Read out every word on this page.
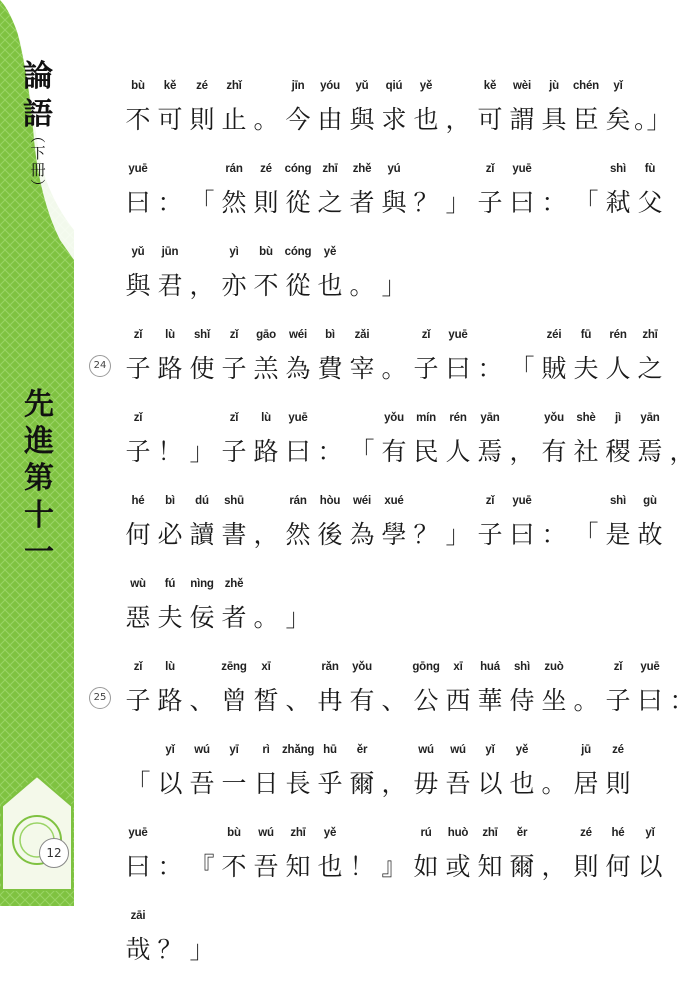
論
語
︵
下
冊
︶
先
進
第
十
一
12
bù	kě	zé	zhǐ	jīn	yóu	yǔ	qiú	yě	kě	wèi	jù	chén	yǐ
不 可 則 止 。 今 由 與 求 也 ， 可 謂 具 臣 矣 。」
yuē	rán	zé	cóng zhī	zhě	yú	zǐ	yuē	shì	fù
曰 ： 「 然 則 從 之 者 與 ？ 」 子 曰 ： 「 弒 父
yǔ	jūn	yì	bù	cóng	yě
與 君 ， 亦 不 從 也 。 」
24
zǐ	lù	shǐ	zǐ	gāo	wéi	bì	zǎi	zǐ	yuē	zéi	fū	rén	zhī
子 路 使 子 羔 為 費 宰 。 子 曰 ： 「 賊 夫 人 之
zǐ	zǐ	lù	yuē	yǒu	mín	rén	yān	yǒu	shè	jì	yān
子 ！ 」 子 路 曰 ： 「 有 民 人 焉 ， 有 社 稷 焉 ，
hé	bì	dú	shū	rán	hòu	wéi	xué	zǐ	yuē	shì	gù
何 必 讀 書 ， 然 後 為 學 ？ 」 子 曰 ： 「 是 故
wù	fú	nìng zhě
惡 夫 佞 者 。 」
25
zǐ	lù	zēng	xī	rǎn	yǒu	gōng	xī	huá	shì	zuò	zǐ	yuē
子 路 、 曾 皙 、 冉 有 、 公 西 華 侍 坐 。 子 曰 ：
yǐ	wú	yī	rì	zhǎng hū	ěr	wú	wú	yǐ	yě	jū	zé
「 以 吾 一 日 長 乎 爾 ， 毋 吾 以 也 。 居 則
yuē	bù	wú	zhī	yě	rú	huò	zhī	ěr	zé	hé	yǐ
曰 ： 『 不 吾 知 也 ！ 』 如 或 知 爾 ， 則 何 以
zāi
哉 ？ 」
